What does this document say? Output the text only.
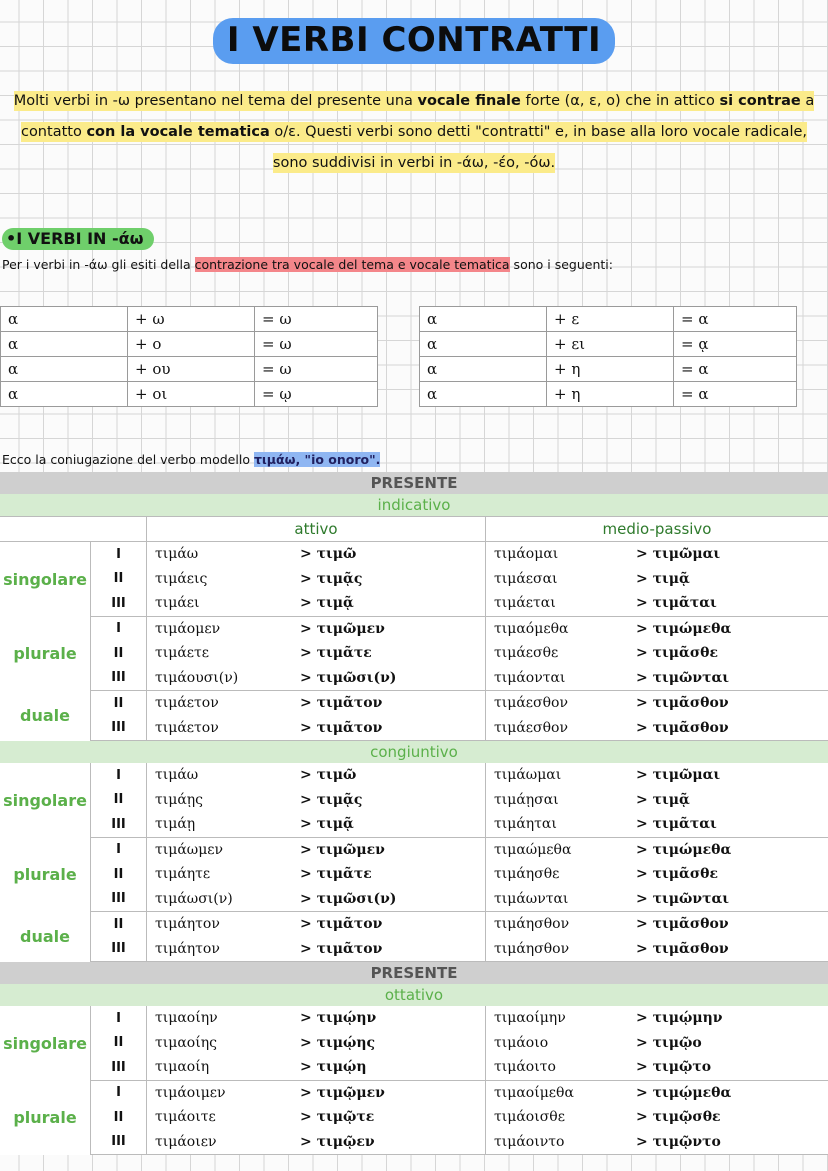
I VERBI CONTRATTI
Molti verbi in -ω presentano nel tema del presente una vocale finale forte (α, ε, ο) che in attico si contrae a contatto con la vocale tematica ο/ε. Questi verbi sono detti "contratti" e, in base alla loro vocale radicale, sono suddivisi in verbi in -άω, -έο, -όω.
•I VERBI IN -άω
Per i verbi in -άω gli esiti della contrazione tra vocale del tema e vocale tematica sono i seguenti:
α	+ ω	= ω
α	+ ο	= ω
α	+ ου	= ω
α	+ οι	= ῳ
α	+ ε	= α
α	+ ει	= ᾳ
α	+ η	= α
α	+ η	= α
Ecco la coniugazione del verbo modello τιμάω, "io onoro".
PRESENTE					
indicativo					
		attivo		medio-passivo	
singolare	I	τιμάω	> τιμῶ	τιμάομαι	> τιμῶμαι
	II	τιμάεις	> τιμᾷς	τιμάεσαι	> τιμᾷ
	III	τιμάει	> τιμᾷ	τιμάεται	> τιμᾶται
plurale	I	τιμάομεν	> τιμῶμεν	τιμαόμεθα	> τιμώμεθα
	II	τιμάετε	> τιμᾶτε	τιμάεσθε	> τιμᾶσθε
	III	τιμάουσι(ν)	> τιμῶσι(ν)	τιμάονται	> τιμῶνται
duale	II	τιμάετον	> τιμᾶτον	τιμάεσθον	> τιμᾶσθον
	III	τιμάετον	> τιμᾶτον	τιμάεσθον	> τιμᾶσθον
congiuntivo					
singolare	I	τιμάω	> τιμῶ	τιμάωμαι	> τιμῶμαι
	II	τιμάῃς	> τιμᾷς	τιμάῃσαι	> τιμᾷ
	III	τιμάῃ	> τιμᾷ	τιμάηται	> τιμᾶται
plurale	I	τιμάωμεν	> τιμῶμεν	τιμαώμεθα	> τιμώμεθα
	II	τιμάητε	> τιμᾶτε	τιμάησθε	> τιμᾶσθε
	III	τιμάωσι(ν)	> τιμῶσι(ν)	τιμάωνται	> τιμῶνται
duale	II	τιμάητον	> τιμᾶτον	τιμάησθον	> τιμᾶσθον
	III	τιμάητον	> τιμᾶτον	τιμάησθον	> τιμᾶσθον
PRESENTE					
ottativo					
singolare	I	τιμαοίην	> τιμῴην	τιμαοίμην	> τιμῴμην
	II	τιμαοίης	> τιμῴης	τιμάοιο	> τιμῷο
	III	τιμαοίη	> τιμῴη	τιμάοιτο	> τιμῷτο
plurale	I	τιμάοιμεν	> τιμῷμεν	τιμαοίμεθα	> τιμῴμεθα
	II	τιμάοιτε	> τιμῷτε	τιμάοισθε	> τιμῷσθε
	III	τιμάοιεν	> τιμῷεν	τιμάοιντο	> τιμῷντο
